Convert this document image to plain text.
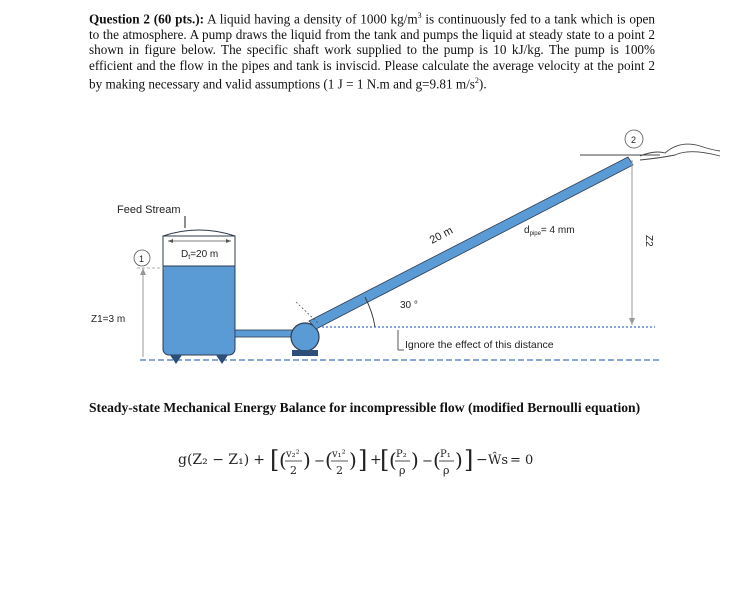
Question 2 (60 pts.): A liquid having a density of 1000 $kg/m^3$ is continuously fed to a tank which is open to the atmosphere. A pump draws the liquid from the tank and pumps the liquid at steady state to a point 2 shown in figure below. The specific shaft work supplied to the pump is 10 kJ/kg. The pump is 100% efficient and the flow in the pipes and tank is inviscid. Please calculate the average velocity at the point 2 by making necessary and valid assumptions (1 J = 1 N.m and g=9.81 $m/s^2$).
Feed Stream
1
2
$D_t=20$ m
Z1=3 m
20 m	$d_{pipe}= 4$ mm
30 °
Z2
Ignore the effect of this distance
Steady-state Mechanical Energy Balance for incompressible flow (modified Bernoulli equation)
g(Z₂ − Z₁) + [ ( v₂²
2 ) − ( v₁²
2 ) ] +
[ ( P₂
ρ ) − ( P₁
ρ ) ] − Ŵs = 0
